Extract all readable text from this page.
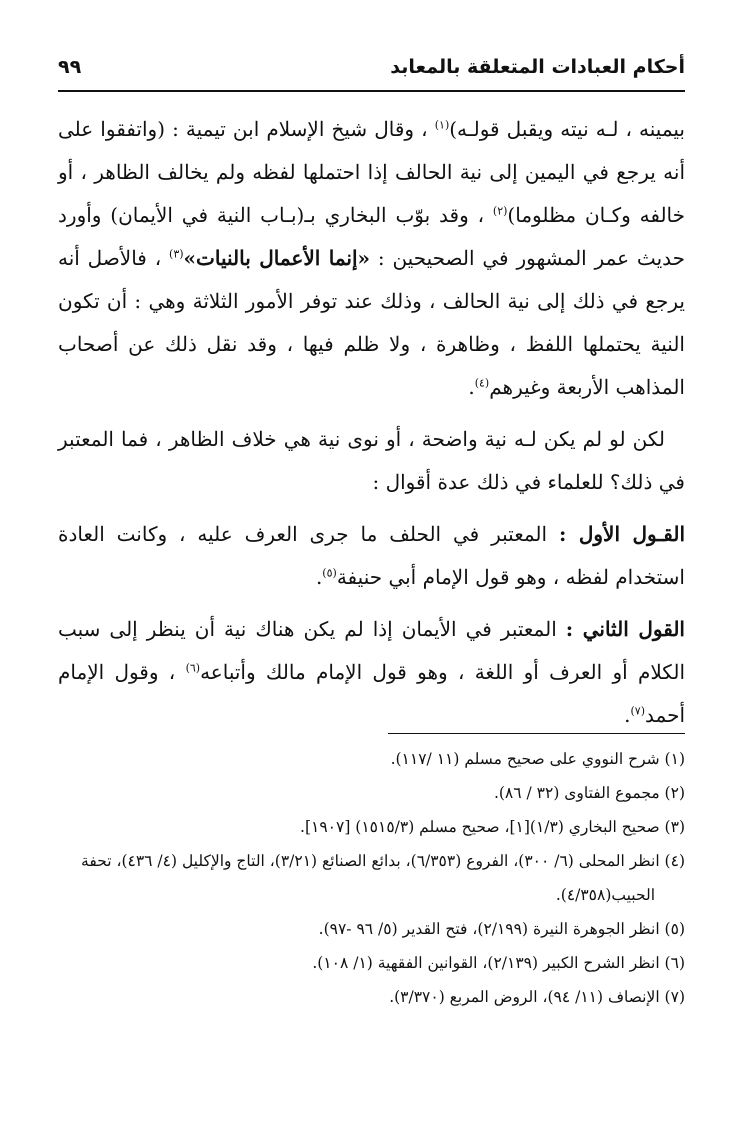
أحكام العبادات المتعلقة بالمعابد
٩٩

بيمينه ، لـه نيته ويقبل قولـه)$^{(١)}$ ، وقال شيخ الإسلام ابن تيمية : (واتفقوا على أنه يرجع في اليمين إلى نية الحالف إذا احتملها لفظه ولم يخالف الظاهر ، أو خالفه وكـان مظلوما)$^{(٢)}$ ، وقد بوّب البخاري بـ(بـاب النية في الأيمان) وأورد حديث عمر المشهور في الصحيحين : «إنما الأعمال بالنيات»$^{(٣)}$ ، فالأصل أنه يرجع في ذلك إلى نية الحالف ، وذلك عند توفر الأمور الثلاثة وهي : أن تكون النية يحتملها اللفظ ، وظاهرة ، ولا ظلم فيها ، وقد نقل ذلك عن أصحاب المذاهب الأربعة وغيرهم$^{(٤)}$.

لكن لو لم يكن لـه نية واضحة ، أو نوى نية هي خلاف الظاهر ، فما المعتبر في ذلك؟ للعلماء في ذلك عدة أقوال :

القـول الأول : المعتبر في الحلف ما جرى العرف عليه ، وكانت العادة استخدام لفظه ، وهو قول الإمام أبي حنيفة$^{(٥)}$.

القول الثاني : المعتبر في الأيمان إذا لم يكن هناك نية أن ينظر إلى سبب الكلام أو العرف أو اللغة ، وهو قول الإمام مالك وأتباعه$^{(٦)}$ ، وقول الإمام أحمد$^{(٧)}$.

(١) شرح النووي على صحيح مسلم (١١ /١١٧).

(٢) مجموع الفتاوى (٣٢ / ٨٦).

(٣) صحيح البخاري (١/٣)[١]، صحيح مسلم (١٥١٥/٣) [١٩٠٧].

(٤) انظر المحلى (٦/ ٣٠٠)، الفروع (٦/٣٥٣)، بدائع الصنائع (٣/٢١)، التاج والإكليل (٤/ ٤٣٦)، تحفة الحبيب(٤/٣٥٨).

(٥) انظر الجوهرة النيرة (٢/١٩٩)، فتح القدير (٥/ ٩٦ -٩٧).

(٦) انظر الشرح الكبير (٢/١٣٩)، القوانين الفقهية (١/ ١٠٨).

(٧) الإنصاف (١١/ ٩٤)، الروض المربع (٣/٣٧٠).
